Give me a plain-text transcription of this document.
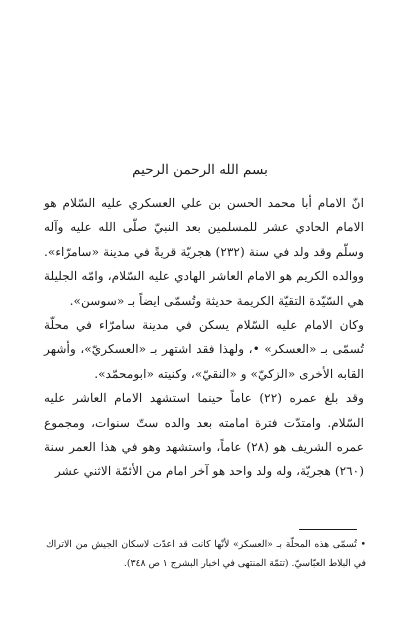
بسم الله الرحمن الرحيم

انّ الامام أبا محمد الحسن بن علي العسكري عليه السّلام هو الامام الحادي عشر للمسلمين بعد النبيّ صلّى الله عليه وآله وسلّم وقد ولد في سنة (٢٣٢) هجريّة قريةً في مدينة «سامرّاء». ووالده الكريم هو الامام العاشر الهادي عليه السّلام، وامّه الجليلة هي السّيّدة التقيّة الكريمة حديثة وتُسمّى ايضاً بـ «سوسن».

وكان الامام عليه السّلام يسكن في مدينة سامرّاء في محلّة تُسمّى بـ «العسكر» •، ولهذا فقد اشتهر بـ «العسكريّ»، وأشهر القابه الأخرى «الزكيّ» و «النقيّ»، وكنيته «ابومحمّد».

وقد بلغ عمره (٢٢) عاماً حينما استشهد الامام العاشر عليه السّلام. وامتدّت فترة امامته بعد والده ستّ سنوات، ومجموع عمره الشريف هو (٢٨) عاماً، واستشهد وهو في هذا العمر سنة (٢٦٠) هجريّة، وله ولد واحد هو آخر امام من الأئمّة الاثني عشر

• تُسمّى هذه المحلّة بـ «العسكر» لأنّها كانت قد اعدّت لاسكان الجيش من الاتراك في البلاط العبّاسيّ. (تتمّة المنتهى في اخبار البشرج ١ ص ٣٤٨).
